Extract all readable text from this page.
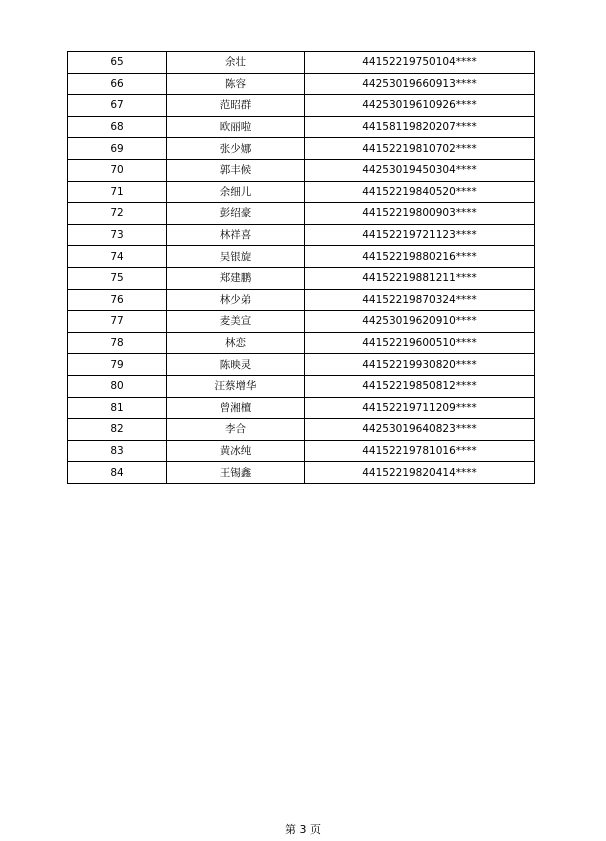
65	余壮	44152219750104****
66	陈容	44253019660913****
67	范昭群	44253019610926****
68	欧丽啦	44158119820207****
69	张少娜	44152219810702****
70	郭丰候	44253019450304****
71	余细儿	44152219840520****
72	彭绍豪	44152219800903****
73	林祥喜	44152219721123****
74	吴银旋	44152219880216****
75	郑建鹏	44152219881211****
76	林少弟	44152219870324****
77	麦美宣	44253019620910****
78	林恋	44152219600510****
79	陈映灵	44152219930820****
80	汪蔡增华	44152219850812****
81	曾湘檀	44152219711209****
82	李合	44253019640823****
83	黄冰纯	44152219781016****
84	王锡鑫	44152219820414****
第 3 页
